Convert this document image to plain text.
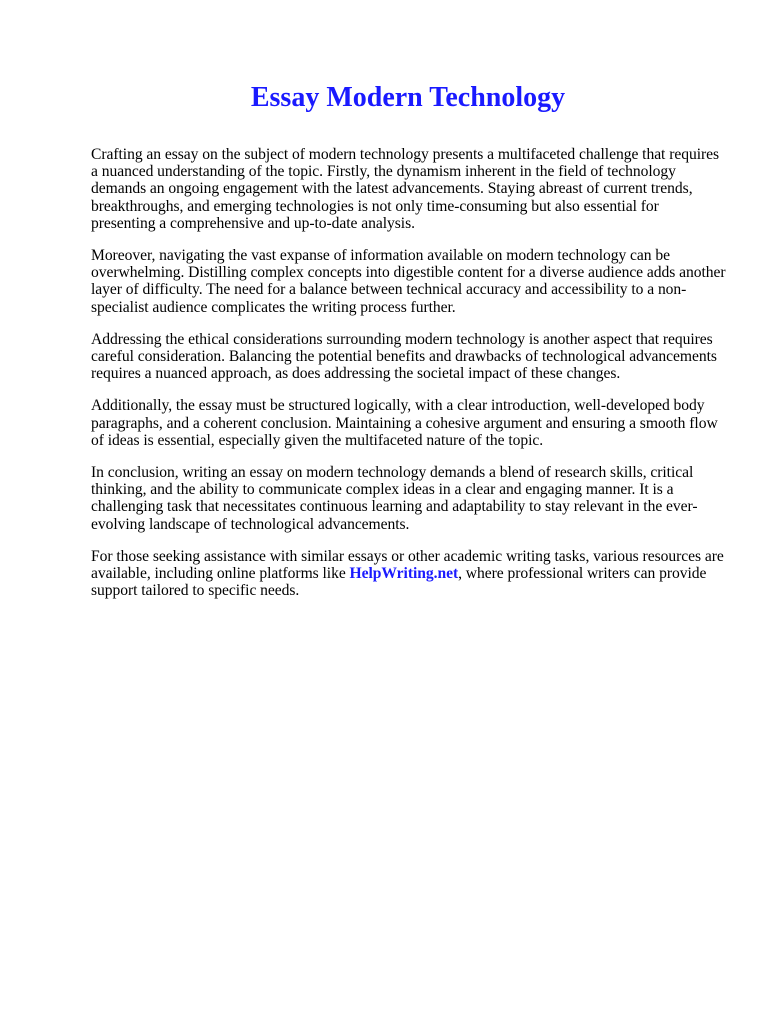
Essay Modern Technology

Crafting an essay on the subject of modern technology presents a multifaceted challenge that requires a nuanced understanding of the topic. Firstly, the dynamism inherent in the field of technology demands an ongoing engagement with the latest advancements. Staying abreast of current trends, breakthroughs, and emerging technologies is not only time-consuming but also essential for presenting a comprehensive and up-to-date analysis.

Moreover, navigating the vast expanse of information available on modern technology can be overwhelming. Distilling complex concepts into digestible content for a diverse audience adds another layer of difficulty. The need for a balance between technical accuracy and accessibility to a non-specialist audience complicates the writing process further.

Addressing the ethical considerations surrounding modern technology is another aspect that requires careful consideration. Balancing the potential benefits and drawbacks of technological advancements requires a nuanced approach, as does addressing the societal impact of these changes.

Additionally, the essay must be structured logically, with a clear introduction, well-developed body paragraphs, and a coherent conclusion. Maintaining a cohesive argument and ensuring a smooth flow of ideas is essential, especially given the multifaceted nature of the topic.

In conclusion, writing an essay on modern technology demands a blend of research skills, critical thinking, and the ability to communicate complex ideas in a clear and engaging manner. It is a challenging task that necessitates continuous learning and adaptability to stay relevant in the ever-evolving landscape of technological advancements.

For those seeking assistance with similar essays or other academic writing tasks, various resources are available, including online platforms like HelpWriting.net, where professional writers can provide support tailored to specific needs.
